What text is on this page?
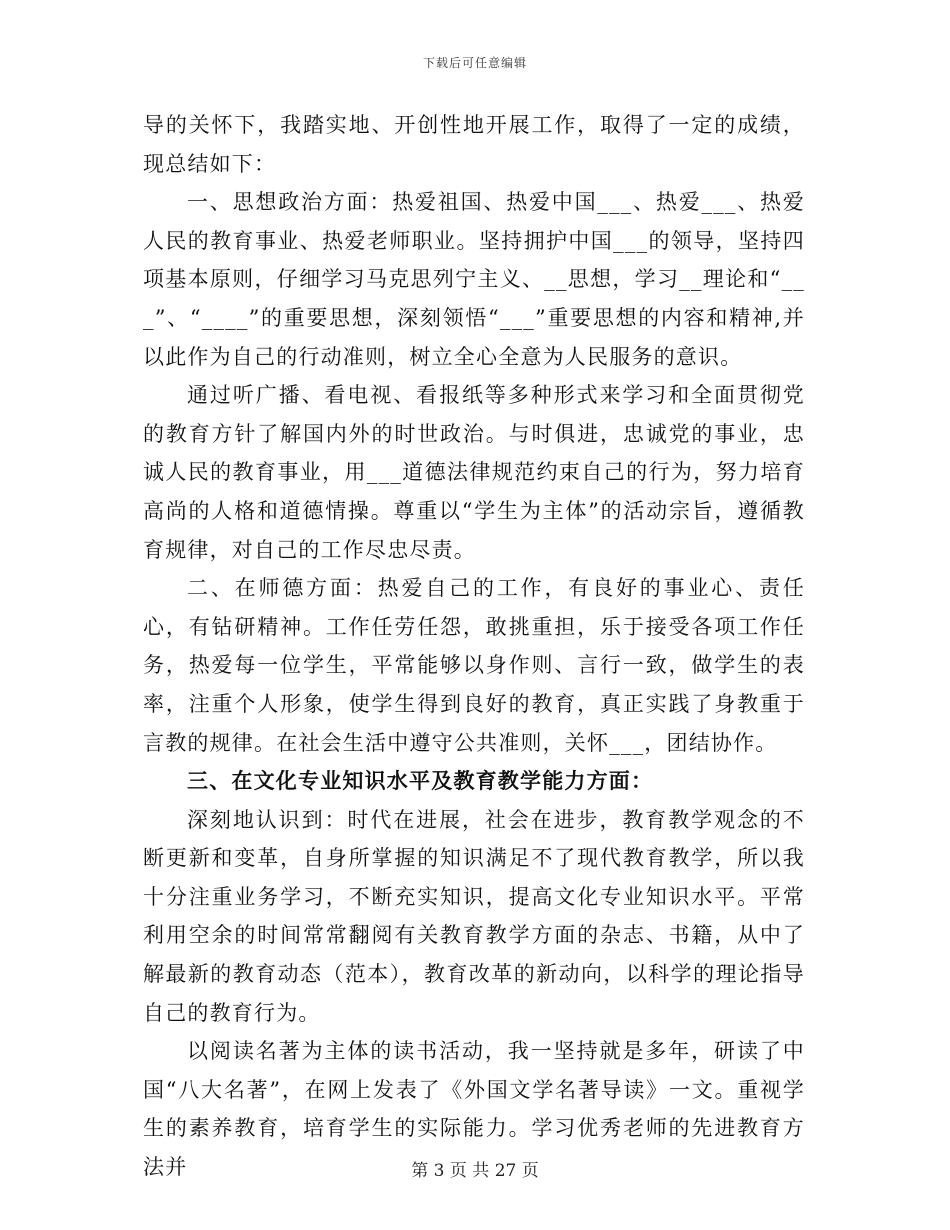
下载后可任意编辑

导的关怀下，我踏实地、开创性地开展工作，取得了一定的成绩，现总结如下：

一、思想政治方面：热爱祖国、热爱中国___、热爱___、热爱人民的教育事业、热爱老师职业。坚持拥护中国___的领导，坚持四项基本原则，仔细学习马克思列宁主义、__思想，学习__理论和“___”、“____”的重要思想，深刻领悟“___”重要思想的内容和精神,并以此作为自己的行动准则，树立全心全意为人民服务的意识。

通过听广播、看电视、看报纸等多种形式来学习和全面贯彻党的教育方针了解国内外的时世政治。与时俱进，忠诚党的事业，忠诚人民的教育事业，用___道德法律规范约束自己的行为，努力培育高尚的人格和道德情操。尊重以“学生为主体”的活动宗旨，遵循教育规律，对自己的工作尽忠尽责。

二、在师德方面：热爱自己的工作，有良好的事业心、责任心，有钻研精神。工作任劳任怨，敢挑重担，乐于接受各项工作任务，热爱每一位学生，平常能够以身作则、言行一致，做学生的表率，注重个人形象，使学生得到良好的教育，真正实践了身教重于言教的规律。在社会生活中遵守公共准则，关怀___，团结协作。

三、在文化专业知识水平及教育教学能力方面：

深刻地认识到：时代在进展，社会在进步，教育教学观念的不断更新和变革，自身所掌握的知识满足不了现代教育教学，所以我十分注重业务学习，不断充实知识，提高文化专业知识水平。平常利用空余的时间常常翻阅有关教育教学方面的杂志、书籍，从中了解最新的教育动态（范本），教育改革的新动向，以科学的理论指导自己的教育行为。

以阅读名著为主体的读书活动，我一坚持就是多年，研读了中国“八大名著”，在网上发表了《外国文学名著导读》一文。重视学生的素养教育，培育学生的实际能力。学习优秀老师的先进教育方法并	第 3 页 共 27 页
